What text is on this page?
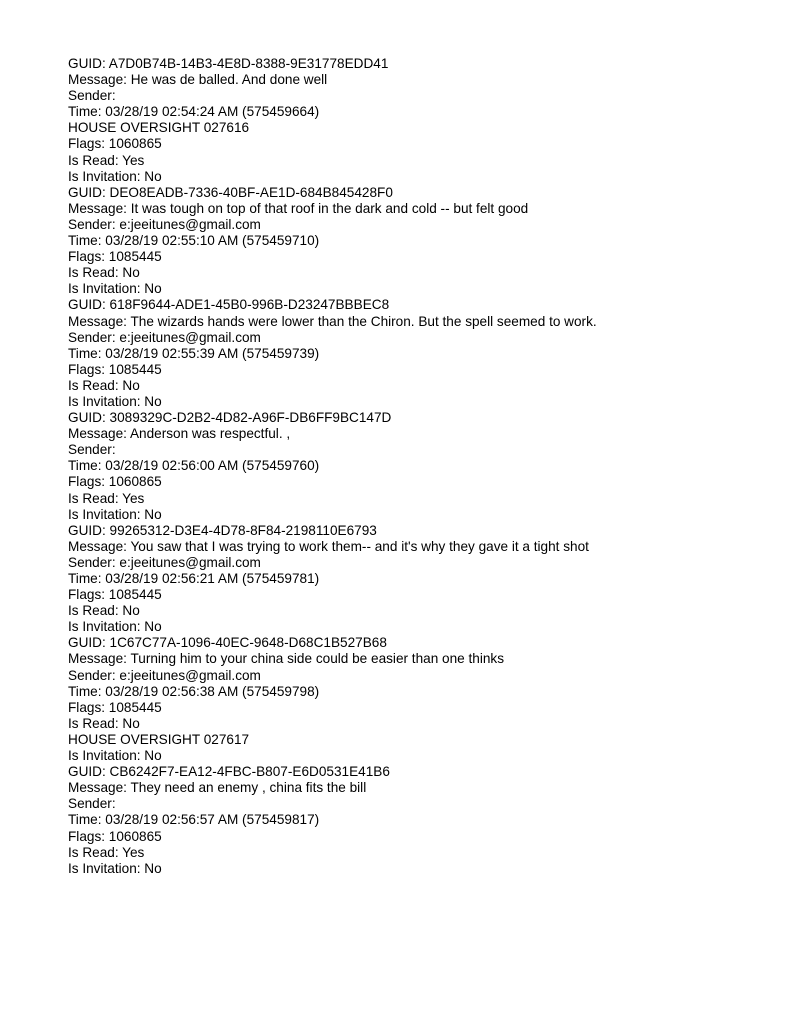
GUID: A7D0B74B-14B3-4E8D-8388-9E31778EDD41
Message: He was de balled. And done well
Sender:
Time: 03/28/19 02:54:24 AM (575459664)
HOUSE OVERSIGHT 027616
Flags: 1060865
Is Read: Yes
Is Invitation: No
GUID: DEO8EADB-7336-40BF-AE1D-684B845428F0
Message: It was tough on top of that roof in the dark and cold -- but felt good
Sender: e:jeeitunes@gmail.com
Time: 03/28/19 02:55:10 AM (575459710)
Flags: 1085445
Is Read: No
Is Invitation: No
GUID: 618F9644-ADE1-45B0-996B-D23247BBBEC8
Message: The wizards hands were lower than the Chiron. But the spell seemed to work.
Sender: e:jeeitunes@gmail.com
Time: 03/28/19 02:55:39 AM (575459739)
Flags: 1085445
Is Read: No
Is Invitation: No
GUID: 3089329C-D2B2-4D82-A96F-DB6FF9BC147D
Message: Anderson was respectful. ,
Sender:
Time: 03/28/19 02:56:00 AM (575459760)
Flags: 1060865
Is Read: Yes
Is Invitation: No
GUID: 99265312-D3E4-4D78-8F84-2198110E6793
Message: You saw that I was trying to work them-- and it's why they gave it a tight shot
Sender: e:jeeitunes@gmail.com
Time: 03/28/19 02:56:21 AM (575459781)
Flags: 1085445
Is Read: No
Is Invitation: No
GUID: 1C67C77A-1096-40EC-9648-D68C1B527B68
Message: Turning him to your china side could be easier than one thinks
Sender: e:jeeitunes@gmail.com
Time: 03/28/19 02:56:38 AM (575459798)
Flags: 1085445
Is Read: No
HOUSE OVERSIGHT 027617
Is Invitation: No
GUID: CB6242F7-EA12-4FBC-B807-E6D0531E41B6
Message: They need an enemy , china fits the bill
Sender:
Time: 03/28/19 02:56:57 AM (575459817)
Flags: 1060865
Is Read: Yes
Is Invitation: No
